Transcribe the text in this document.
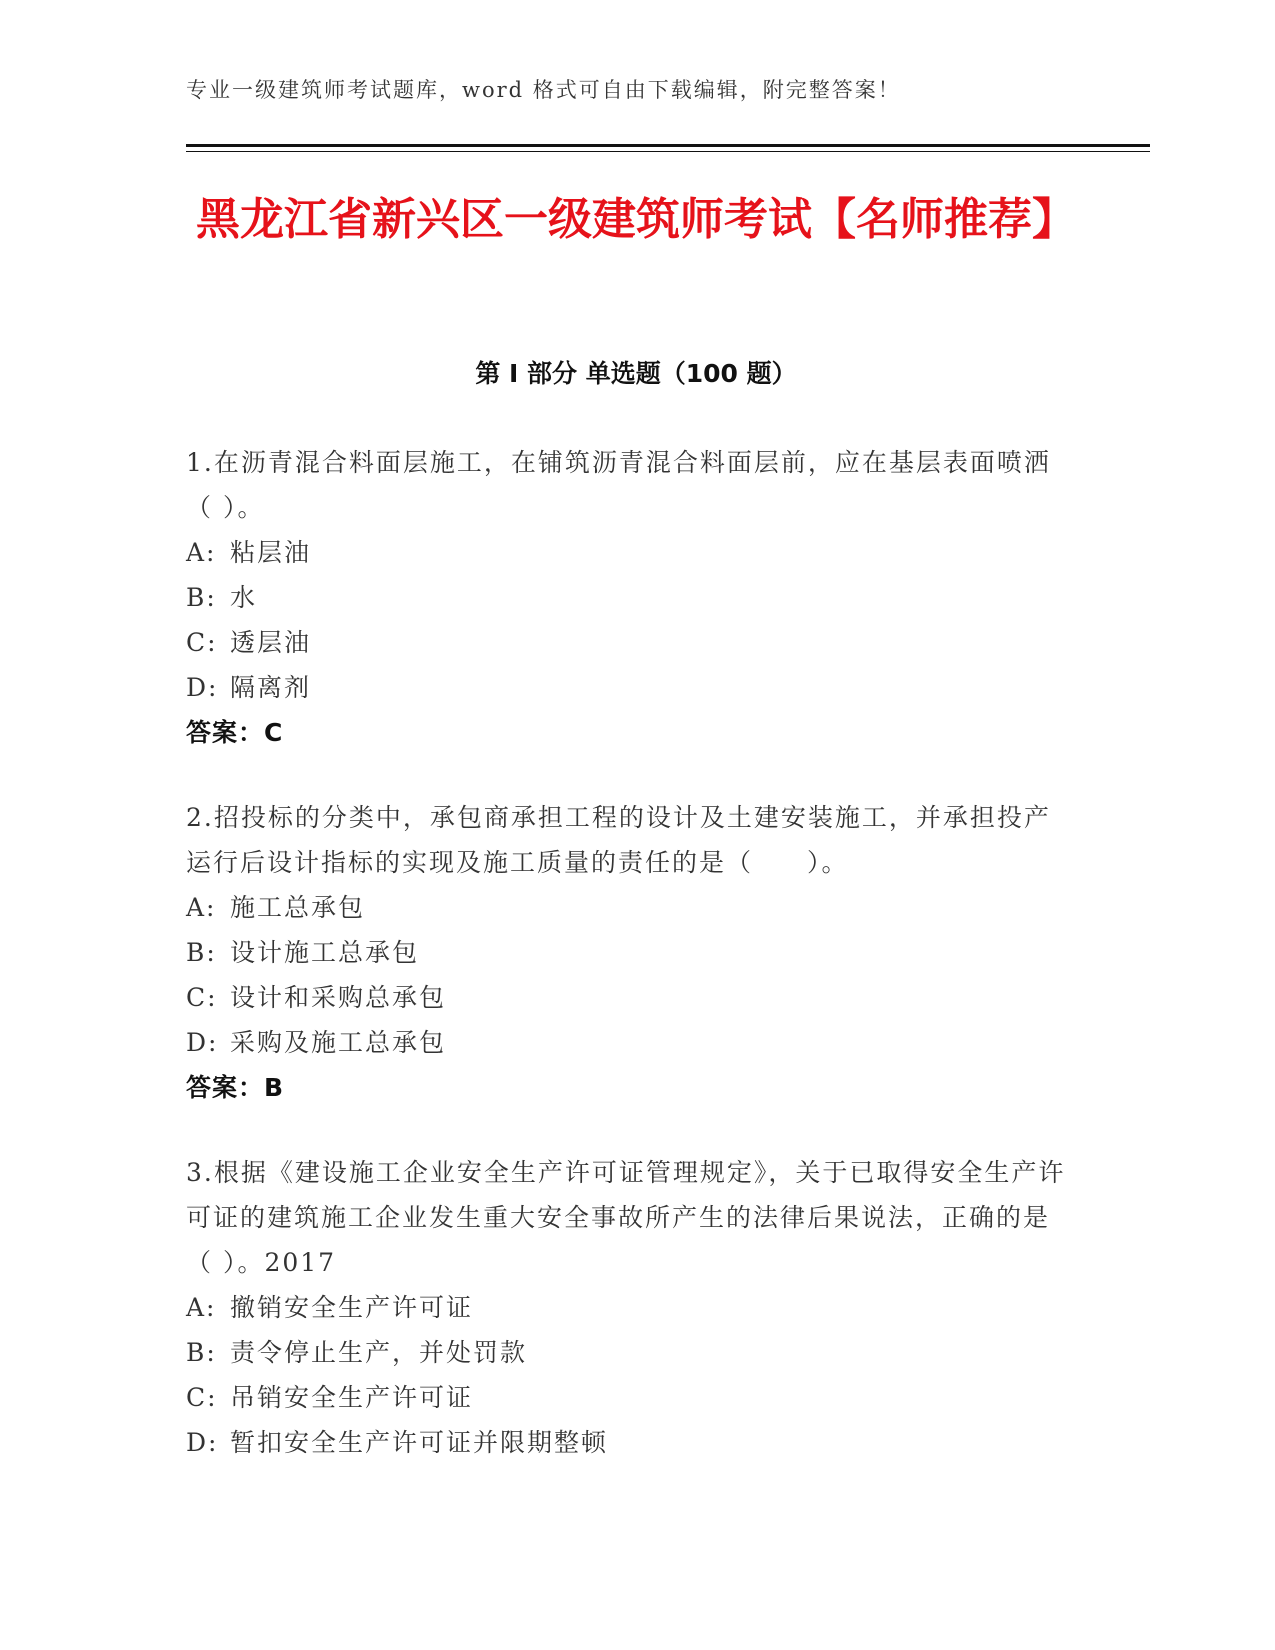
专业一级建筑师考试题库，word 格式可自由下载编辑，附完整答案！
黑龙江省新兴区一级建筑师考试【名师推荐】
第 I 部分 单选题（100 题）
1.在沥青混合料面层施工，在铺筑沥青混合料面层前，应在基层表面喷洒（ ）。
A: 粘层油
B: 水
C: 透层油
D: 隔离剂
答案：C
2.招投标的分类中，承包商承担工程的设计及土建安装施工，并承担投产运行后设计指标的实现及施工质量的责任的是（　　）。
A: 施工总承包
B: 设计施工总承包
C: 设计和采购总承包
D: 采购及施工总承包
答案：B
3.根据《建设施工企业安全生产许可证管理规定》，关于已取得安全生产许可证的建筑施工企业发生重大安全事故所产生的法律后果说法，正确的是（ ）。2017
A: 撤销安全生产许可证
B: 责令停止生产，并处罚款
C: 吊销安全生产许可证
D: 暂扣安全生产许可证并限期整顿
